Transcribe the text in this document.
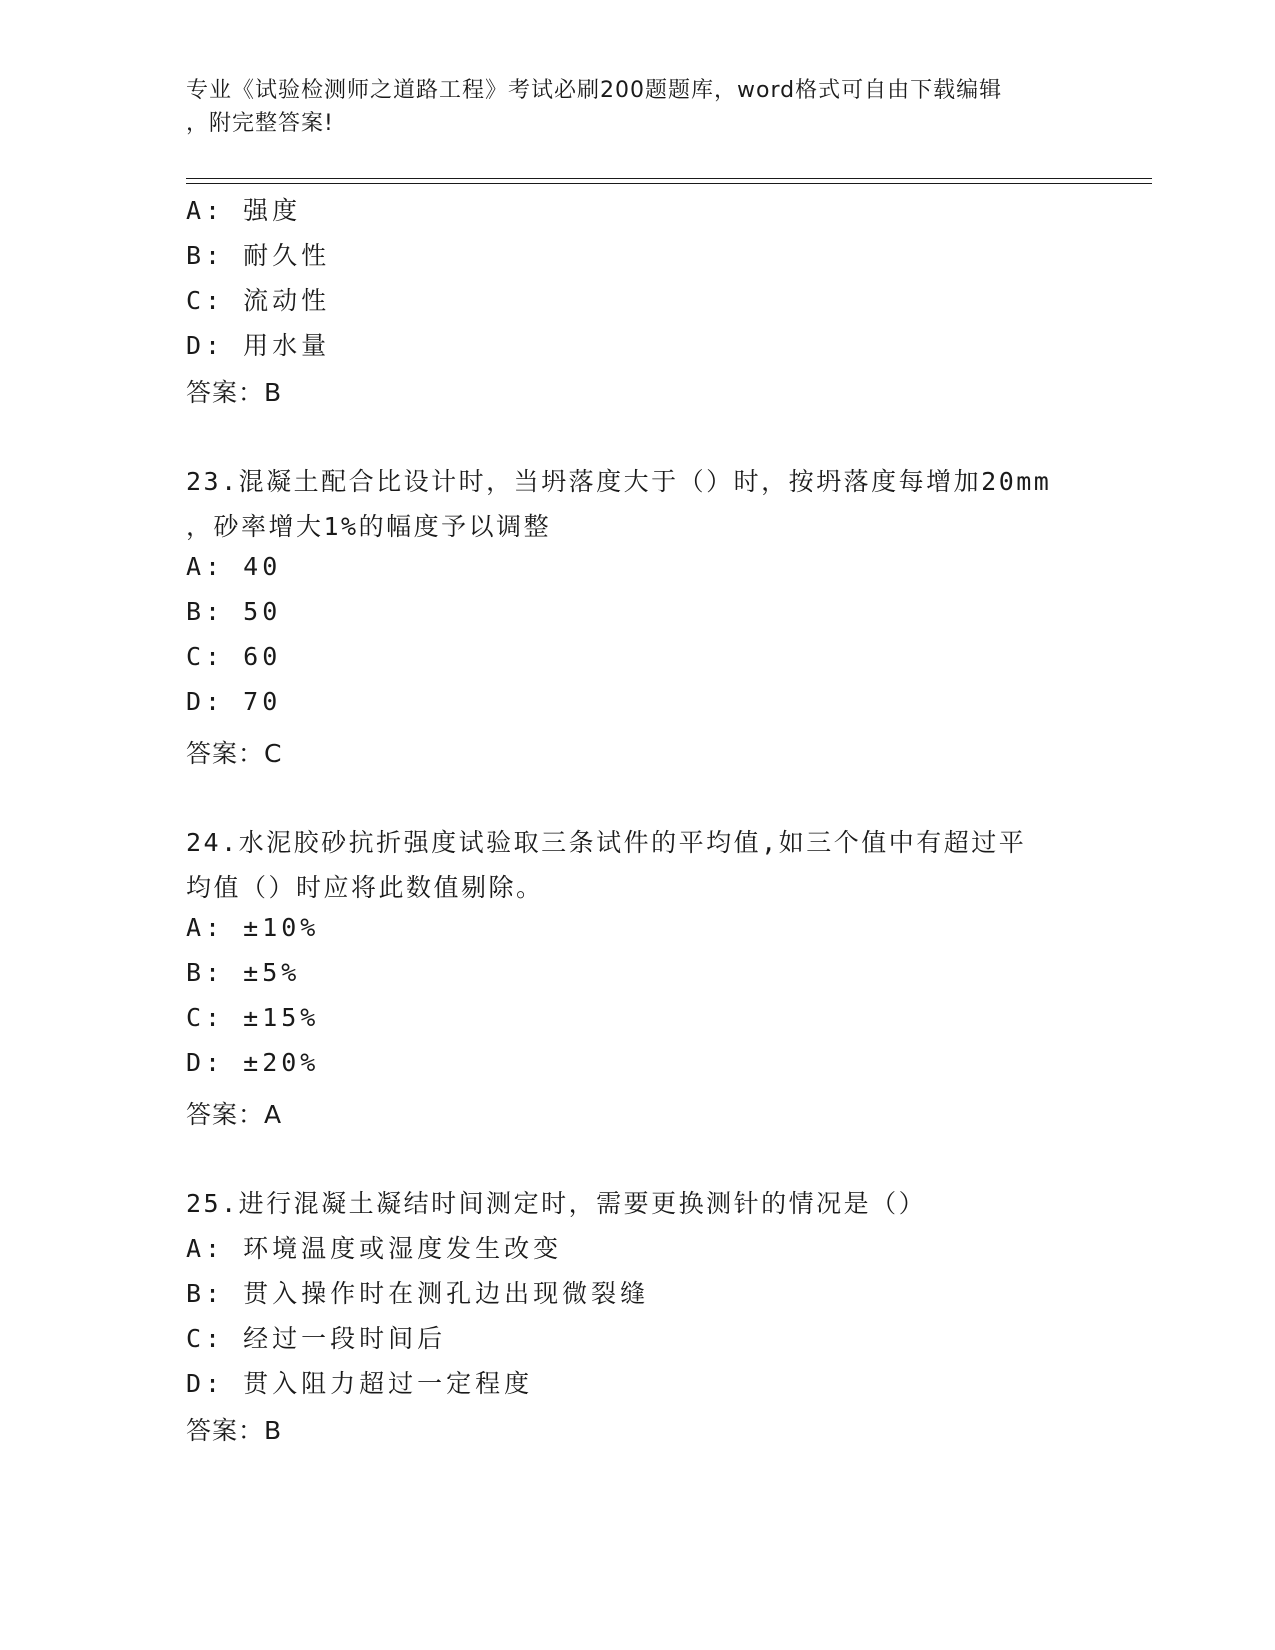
专业《试验检测师之道路工程》考试必刷200题题库，word格式可自由下载编辑
，附完整答案!
A: 强度
B: 耐久性
C: 流动性
D: 用水量
答案：B
23.混凝土配合比设计时，当坍落度大于（）时，按坍落度每增加20mm
，砂率增大1%的幅度予以调整
A: 40
B: 50
C: 60
D: 70
答案：C
24.水泥胶砂抗折强度试验取三条试件的平均值,如三个值中有超过平
均值（）时应将此数值剔除。
A: ±10%
B: ±5%
C: ±15%
D: ±20%
答案：A
25.进行混凝土凝结时间测定时，需要更换测针的情况是（）
A: 环境温度或湿度发生改变
B: 贯入操作时在测孔边出现微裂缝
C: 经过一段时间后
D: 贯入阻力超过一定程度
答案：B
